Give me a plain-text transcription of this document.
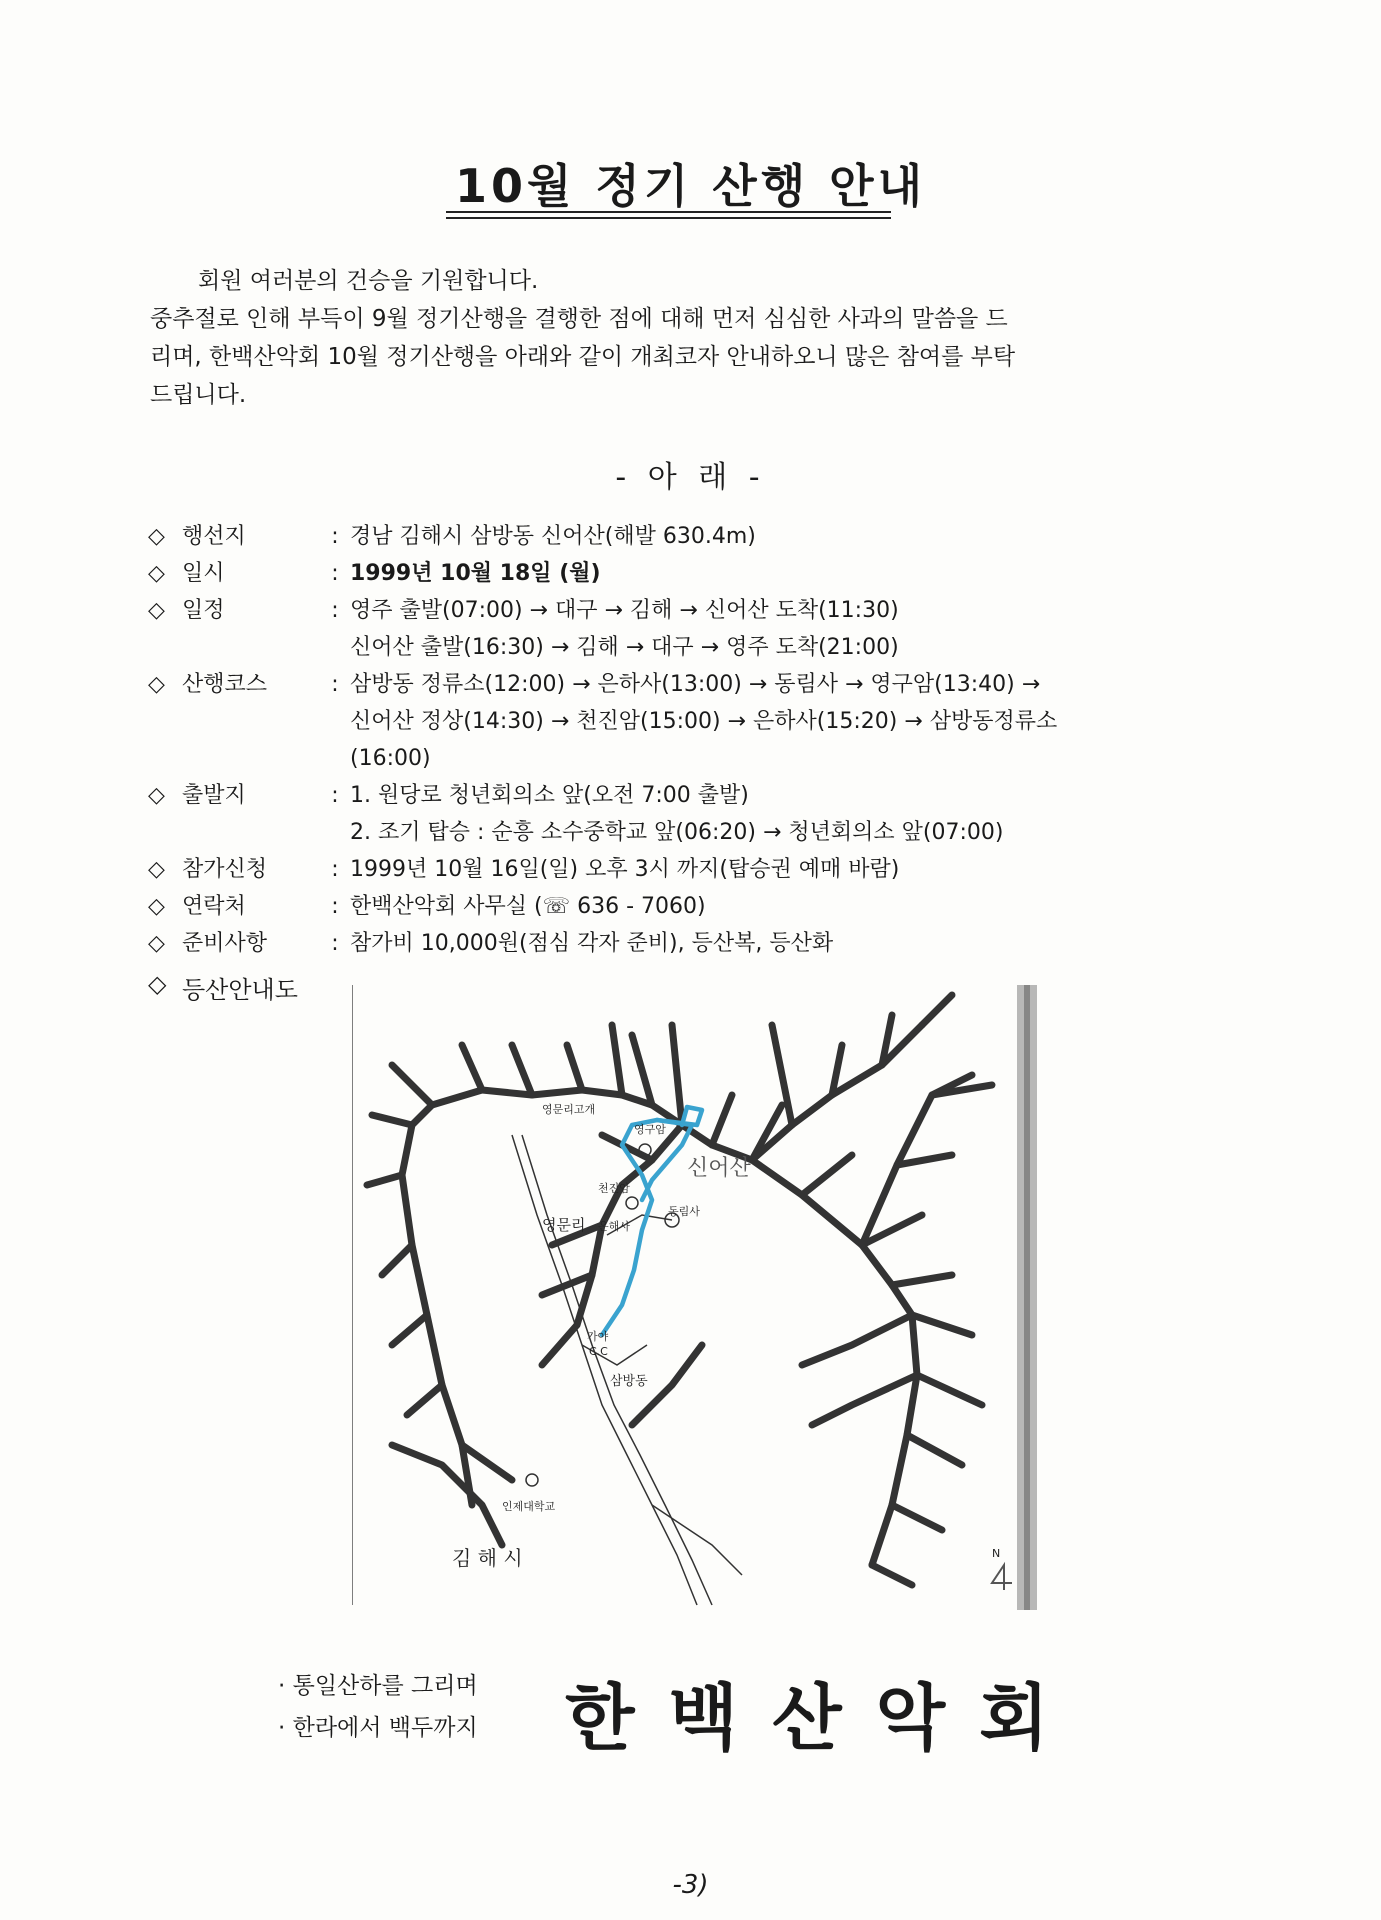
10월 정기 산행 안내

회원 여러분의 건승을 기원합니다.

중추절로 인해 부득이 9월 정기산행을 결행한 점에 대해 먼저 심심한 사과의 말씀을 드

리며, 한백산악회 10월 정기산행을 아래와 같이 개최코자 안내하오니 많은 참여를 부탁

드립니다.

- 아 래 -
◇ 행선지	: 경남 김해시 삼방동 신어산(해발 630.4m)
◇ 일시	: 1999년 10월 18일 (월)
◇ 일정	: 영주 출발(07:00) → 대구 → 김해 → 신어산 도착(11:30)
신어산 출발(16:30) → 김해 → 대구 → 영주 도착(21:00)
◇ 산행코스	: 삼방동 정류소(12:00) → 은하사(13:00) → 동림사 → 영구암(13:40) →
신어산 정상(14:30) → 천진암(15:00) → 은하사(15:20) → 삼방동정류소
(16:00)
◇ 출발지	: 1. 원당로 청년회의소 앞(오전 7:00 출발)
2. 조기 탑승 : 순흥 소수중학교 앞(06:20) → 청년회의소 앞(07:00)
◇ 참가신청	: 1999년 10월 16일(일) 오후 3시 까지(탑승권 예매 바람)
◇ 연락처	: 한백산악회 사무실 (☏ 636 - 7060)
◇ 준비사항	: 참가비 10,000원(점심 각자 준비), 등산복, 등산화
◇ 등산안내도
영문리고개
영구암
신어산
천진암
영문리 은해사
동림사
가야
C.C
삼방동
인제대학교
김 해 시	N
· 통일산하를 그리며
· 한라에서 백두까지 한백산악회
-3)
